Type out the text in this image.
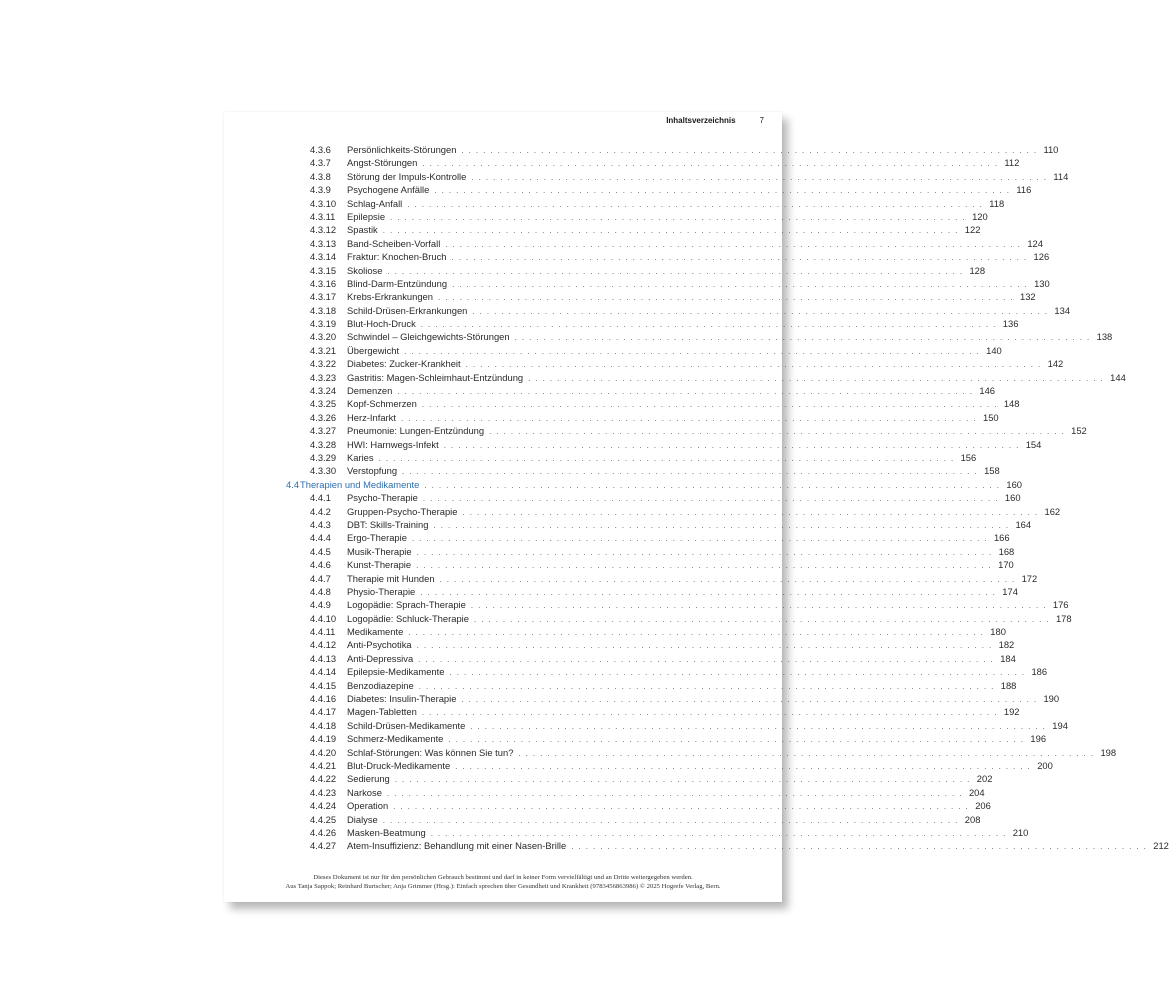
Inhaltsverzeichnis	7
4.3.6 Persönlichkeits-Störungen . . . . . . . . . . . . . . . . . . . . . . . . . . . . . . . . . . . . . . . . . . . . . . . . . . . . . . . . . . . . . . . . . . . . . . . . . . . . . . . . 110
4.3.7 Angst-Störungen . . . . . . . . . . . . . . . . . . . . . . . . . . . . . . . . . . . . . . . . . . . . . . . . . . . . . . . . . . . . . . . . . . . . . . . . . . . . . . . . 112
4.3.8 Störung der Impuls-Kontrolle . . . . . . . . . . . . . . . . . . . . . . . . . . . . . . . . . . . . . . . . . . . . . . . . . . . . . . . . . . . . . . . . . . . . . . . . . . . . . . . . 114
4.3.9 Psychogene Anfälle . . . . . . . . . . . . . . . . . . . . . . . . . . . . . . . . . . . . . . . . . . . . . . . . . . . . . . . . . . . . . . . . . . . . . . . . . . . . . . . . 116
4.3.10 Schlag-Anfall . . . . . . . . . . . . . . . . . . . . . . . . . . . . . . . . . . . . . . . . . . . . . . . . . . . . . . . . . . . . . . . . . . . . . . . . . . . . . . . . 118
4.3.11 Epilepsie . . . . . . . . . . . . . . . . . . . . . . . . . . . . . . . . . . . . . . . . . . . . . . . . . . . . . . . . . . . . . . . . . . . . . . . . . . . . . . . . 120
4.3.12 Spastik . . . . . . . . . . . . . . . . . . . . . . . . . . . . . . . . . . . . . . . . . . . . . . . . . . . . . . . . . . . . . . . . . . . . . . . . . . . . . . . . 122
4.3.13 Band-Scheiben-Vorfall . . . . . . . . . . . . . . . . . . . . . . . . . . . . . . . . . . . . . . . . . . . . . . . . . . . . . . . . . . . . . . . . . . . . . . . . . . . . . . . . 124
4.3.14 Fraktur: Knochen-Bruch . . . . . . . . . . . . . . . . . . . . . . . . . . . . . . . . . . . . . . . . . . . . . . . . . . . . . . . . . . . . . . . . . . . . . . . . . . . . . . . . 126
4.3.15 Skoliose . . . . . . . . . . . . . . . . . . . . . . . . . . . . . . . . . . . . . . . . . . . . . . . . . . . . . . . . . . . . . . . . . . . . . . . . . . . . . . . . 128
4.3.16 Blind-Darm-Entzündung . . . . . . . . . . . . . . . . . . . . . . . . . . . . . . . . . . . . . . . . . . . . . . . . . . . . . . . . . . . . . . . . . . . . . . . . . . . . . . . . 130
4.3.17 Krebs-Erkrankungen . . . . . . . . . . . . . . . . . . . . . . . . . . . . . . . . . . . . . . . . . . . . . . . . . . . . . . . . . . . . . . . . . . . . . . . . . . . . . . . . 132
4.3.18 Schild-Drüsen-Erkrankungen . . . . . . . . . . . . . . . . . . . . . . . . . . . . . . . . . . . . . . . . . . . . . . . . . . . . . . . . . . . . . . . . . . . . . . . . . . . . . . . . 134
4.3.19 Blut-Hoch-Druck . . . . . . . . . . . . . . . . . . . . . . . . . . . . . . . . . . . . . . . . . . . . . . . . . . . . . . . . . . . . . . . . . . . . . . . . . . . . . . . . 136
4.3.20 Schwindel – Gleichgewichts-Störungen . . . . . . . . . . . . . . . . . . . . . . . . . . . . . . . . . . . . . . . . . . . . . . . . . . . . . . . . . . . . . . . . . . . . . . . . . . . . . . . . 138
4.3.21 Übergewicht . . . . . . . . . . . . . . . . . . . . . . . . . . . . . . . . . . . . . . . . . . . . . . . . . . . . . . . . . . . . . . . . . . . . . . . . . . . . . . . . 140
4.3.22 Diabetes: Zucker-Krankheit . . . . . . . . . . . . . . . . . . . . . . . . . . . . . . . . . . . . . . . . . . . . . . . . . . . . . . . . . . . . . . . . . . . . . . . . . . . . . . . . 142
4.3.23 Gastritis: Magen-Schleimhaut-Entzündung . . . . . . . . . . . . . . . . . . . . . . . . . . . . . . . . . . . . . . . . . . . . . . . . . . . . . . . . . . . . . . . . . . . . . . . . . . . . . . . . 144
4.3.24 Demenzen . . . . . . . . . . . . . . . . . . . . . . . . . . . . . . . . . . . . . . . . . . . . . . . . . . . . . . . . . . . . . . . . . . . . . . . . . . . . . . . . 146
4.3.25 Kopf-Schmerzen . . . . . . . . . . . . . . . . . . . . . . . . . . . . . . . . . . . . . . . . . . . . . . . . . . . . . . . . . . . . . . . . . . . . . . . . . . . . . . . . 148
4.3.26 Herz-Infarkt . . . . . . . . . . . . . . . . . . . . . . . . . . . . . . . . . . . . . . . . . . . . . . . . . . . . . . . . . . . . . . . . . . . . . . . . . . . . . . . . 150
4.3.27 Pneumonie: Lungen-Entzündung . . . . . . . . . . . . . . . . . . . . . . . . . . . . . . . . . . . . . . . . . . . . . . . . . . . . . . . . . . . . . . . . . . . . . . . . . . . . . . . . 152
4.3.28 HWI: Harnwegs-Infekt . . . . . . . . . . . . . . . . . . . . . . . . . . . . . . . . . . . . . . . . . . . . . . . . . . . . . . . . . . . . . . . . . . . . . . . . . . . . . . . . 154
4.3.29 Karies . . . . . . . . . . . . . . . . . . . . . . . . . . . . . . . . . . . . . . . . . . . . . . . . . . . . . . . . . . . . . . . . . . . . . . . . . . . . . . . . 156
4.3.30 Verstopfung . . . . . . . . . . . . . . . . . . . . . . . . . . . . . . . . . . . . . . . . . . . . . . . . . . . . . . . . . . . . . . . . . . . . . . . . . . . . . . . . 158
4.4 Therapien und Medikamente . . . . . . . . . . . . . . . . . . . . . . . . . . . . . . . . . . . . . . . . . . . . . . . . . . . . . . . . . . . . . . . . . . . . . . . . . . . . . . . . 160
4.4.1 Psycho-Therapie . . . . . . . . . . . . . . . . . . . . . . . . . . . . . . . . . . . . . . . . . . . . . . . . . . . . . . . . . . . . . . . . . . . . . . . . . . . . . . . . 160
4.4.2 Gruppen-Psycho-Therapie . . . . . . . . . . . . . . . . . . . . . . . . . . . . . . . . . . . . . . . . . . . . . . . . . . . . . . . . . . . . . . . . . . . . . . . . . . . . . . . . 162
4.4.3 DBT: Skills-Training . . . . . . . . . . . . . . . . . . . . . . . . . . . . . . . . . . . . . . . . . . . . . . . . . . . . . . . . . . . . . . . . . . . . . . . . . . . . . . . . 164
4.4.4 Ergo-Therapie . . . . . . . . . . . . . . . . . . . . . . . . . . . . . . . . . . . . . . . . . . . . . . . . . . . . . . . . . . . . . . . . . . . . . . . . . . . . . . . . 166
4.4.5 Musik-Therapie . . . . . . . . . . . . . . . . . . . . . . . . . . . . . . . . . . . . . . . . . . . . . . . . . . . . . . . . . . . . . . . . . . . . . . . . . . . . . . . . 168
4.4.6 Kunst-Therapie . . . . . . . . . . . . . . . . . . . . . . . . . . . . . . . . . . . . . . . . . . . . . . . . . . . . . . . . . . . . . . . . . . . . . . . . . . . . . . . . 170
4.4.7 Therapie mit Hunden . . . . . . . . . . . . . . . . . . . . . . . . . . . . . . . . . . . . . . . . . . . . . . . . . . . . . . . . . . . . . . . . . . . . . . . . . . . . . . . . 172
4.4.8 Physio-Therapie . . . . . . . . . . . . . . . . . . . . . . . . . . . . . . . . . . . . . . . . . . . . . . . . . . . . . . . . . . . . . . . . . . . . . . . . . . . . . . . . 174
4.4.9 Logopädie: Sprach-Therapie . . . . . . . . . . . . . . . . . . . . . . . . . . . . . . . . . . . . . . . . . . . . . . . . . . . . . . . . . . . . . . . . . . . . . . . . . . . . . . . . 176
4.4.10 Logopädie: Schluck-Therapie . . . . . . . . . . . . . . . . . . . . . . . . . . . . . . . . . . . . . . . . . . . . . . . . . . . . . . . . . . . . . . . . . . . . . . . . . . . . . . . . 178
4.4.11 Medikamente . . . . . . . . . . . . . . . . . . . . . . . . . . . . . . . . . . . . . . . . . . . . . . . . . . . . . . . . . . . . . . . . . . . . . . . . . . . . . . . . 180
4.4.12 Anti-Psychotika . . . . . . . . . . . . . . . . . . . . . . . . . . . . . . . . . . . . . . . . . . . . . . . . . . . . . . . . . . . . . . . . . . . . . . . . . . . . . . . . 182
4.4.13 Anti-Depressiva . . . . . . . . . . . . . . . . . . . . . . . . . . . . . . . . . . . . . . . . . . . . . . . . . . . . . . . . . . . . . . . . . . . . . . . . . . . . . . . . 184
4.4.14 Epilepsie-Medikamente . . . . . . . . . . . . . . . . . . . . . . . . . . . . . . . . . . . . . . . . . . . . . . . . . . . . . . . . . . . . . . . . . . . . . . . . . . . . . . . . 186
4.4.15 Benzodiazepine . . . . . . . . . . . . . . . . . . . . . . . . . . . . . . . . . . . . . . . . . . . . . . . . . . . . . . . . . . . . . . . . . . . . . . . . . . . . . . . . 188
4.4.16 Diabetes: Insulin-Therapie . . . . . . . . . . . . . . . . . . . . . . . . . . . . . . . . . . . . . . . . . . . . . . . . . . . . . . . . . . . . . . . . . . . . . . . . . . . . . . . . 190
4.4.17 Magen-Tabletten . . . . . . . . . . . . . . . . . . . . . . . . . . . . . . . . . . . . . . . . . . . . . . . . . . . . . . . . . . . . . . . . . . . . . . . . . . . . . . . . 192
4.4.18 Schild-Drüsen-Medikamente . . . . . . . . . . . . . . . . . . . . . . . . . . . . . . . . . . . . . . . . . . . . . . . . . . . . . . . . . . . . . . . . . . . . . . . . . . . . . . . . 194
4.4.19 Schmerz-Medikamente . . . . . . . . . . . . . . . . . . . . . . . . . . . . . . . . . . . . . . . . . . . . . . . . . . . . . . . . . . . . . . . . . . . . . . . . . . . . . . . . 196
4.4.20 Schlaf-Störungen: Was können Sie tun? . . . . . . . . . . . . . . . . . . . . . . . . . . . . . . . . . . . . . . . . . . . . . . . . . . . . . . . . . . . . . . . . . . . . . . . . . . . . . . . . 198
4.4.21 Blut-Druck-Medikamente . . . . . . . . . . . . . . . . . . . . . . . . . . . . . . . . . . . . . . . . . . . . . . . . . . . . . . . . . . . . . . . . . . . . . . . . . . . . . . . . 200
4.4.22 Sedierung . . . . . . . . . . . . . . . . . . . . . . . . . . . . . . . . . . . . . . . . . . . . . . . . . . . . . . . . . . . . . . . . . . . . . . . . . . . . . . . . 202
4.4.23 Narkose . . . . . . . . . . . . . . . . . . . . . . . . . . . . . . . . . . . . . . . . . . . . . . . . . . . . . . . . . . . . . . . . . . . . . . . . . . . . . . . . 204
4.4.24 Operation . . . . . . . . . . . . . . . . . . . . . . . . . . . . . . . . . . . . . . . . . . . . . . . . . . . . . . . . . . . . . . . . . . . . . . . . . . . . . . . . 206
4.4.25 Dialyse . . . . . . . . . . . . . . . . . . . . . . . . . . . . . . . . . . . . . . . . . . . . . . . . . . . . . . . . . . . . . . . . . . . . . . . . . . . . . . . . 208
4.4.26 Masken-Beatmung . . . . . . . . . . . . . . . . . . . . . . . . . . . . . . . . . . . . . . . . . . . . . . . . . . . . . . . . . . . . . . . . . . . . . . . . . . . . . . . . 210
4.4.27 Atem-Insuffizienz: Behandlung mit einer Nasen-Brille . . . . . . . . . . . . . . . . . . . . . . . . . . . . . . . . . . . . . . . . . . . . . . . . . . . . . . . . . . . . . . . . . . . . . . . . . . . . . . . . 212
Dieses Dokument ist nur für den persönlichen Gebrauch bestimmt und darf in keiner Form vervielfältigt und an Dritte weitergegeben werden.
Aus Tanja Sappok; Reinhard Burtscher; Anja Grimmer (Hrsg.): Einfach sprechen über Gesundheit und Krankheit (9783456863986) © 2025 Hogrefe Verlag, Bern.
